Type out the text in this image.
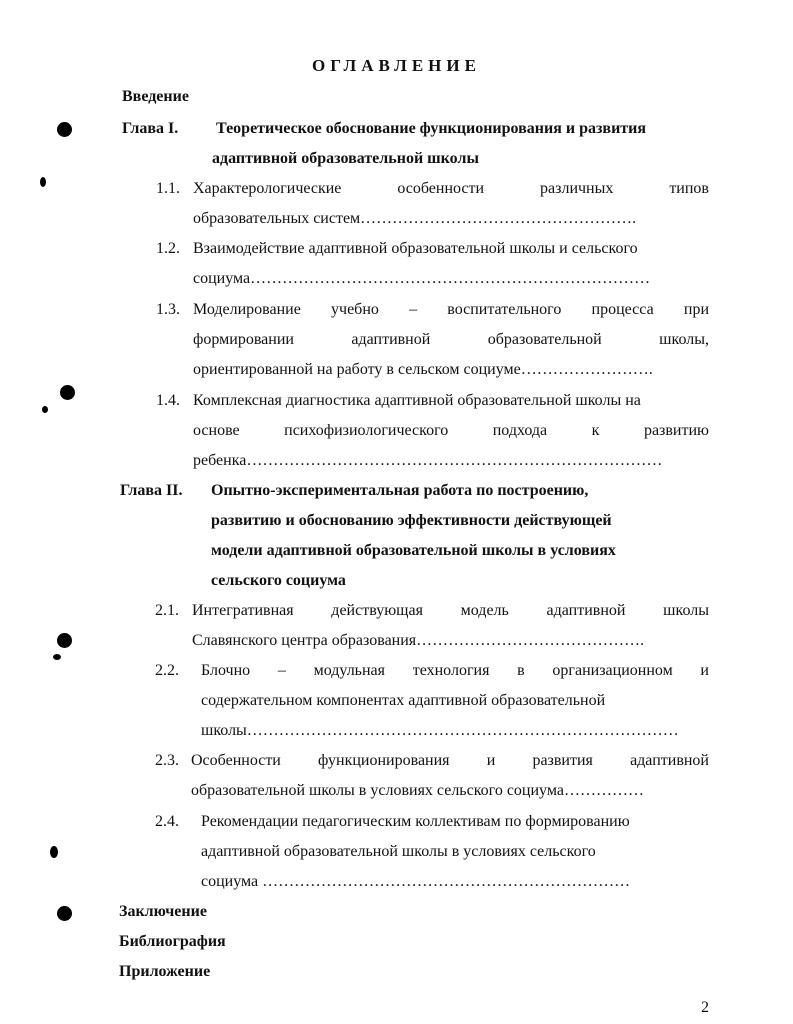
ОГЛАВЛЕНИЕ
Введение
Глава I. Теоретическое обоснование функционирования и развития
адаптивной образовательной школы
1.1. Характерологические	особенности	различных	типов
образовательных систем…………………………………………….
1.2. Взаимодействие адаптивной образовательной школы и сельского
социума…………………………………………………………………
1.3. Моделирование учебно – воспитательного процесса при
формировании	адаптивной	образовательной	школы,
ориентированной на работу в сельском социуме…………………….
1.4. Комплексная диагностика адаптивной образовательной школы на
основе	психофизиологического	подхода	к	развитию
ребенка……………………………………………………………………
Глава II. Опытно-экспериментальная работа по построению,
развитию и обоснованию эффективности действующей
модели адаптивной образовательной школы в условиях
сельского социума
2.1. Интегративная действующая модель адаптивной школы
Славянского центра образования…………………………………….
2.2. Блочно – модульная технология в организационном и
содержательном компонентах адаптивной образовательной
школы………………………………………………………………………
2.3. Особенности функционирования и развития адаптивной
образовательной школы в условиях сельского социума……………
2.4. Рекомендации педагогическим коллективам по формированию
адаптивной образовательной школы в условиях сельского
социума ……………………………………………………………
Заключение
Библиография
Приложение
2
